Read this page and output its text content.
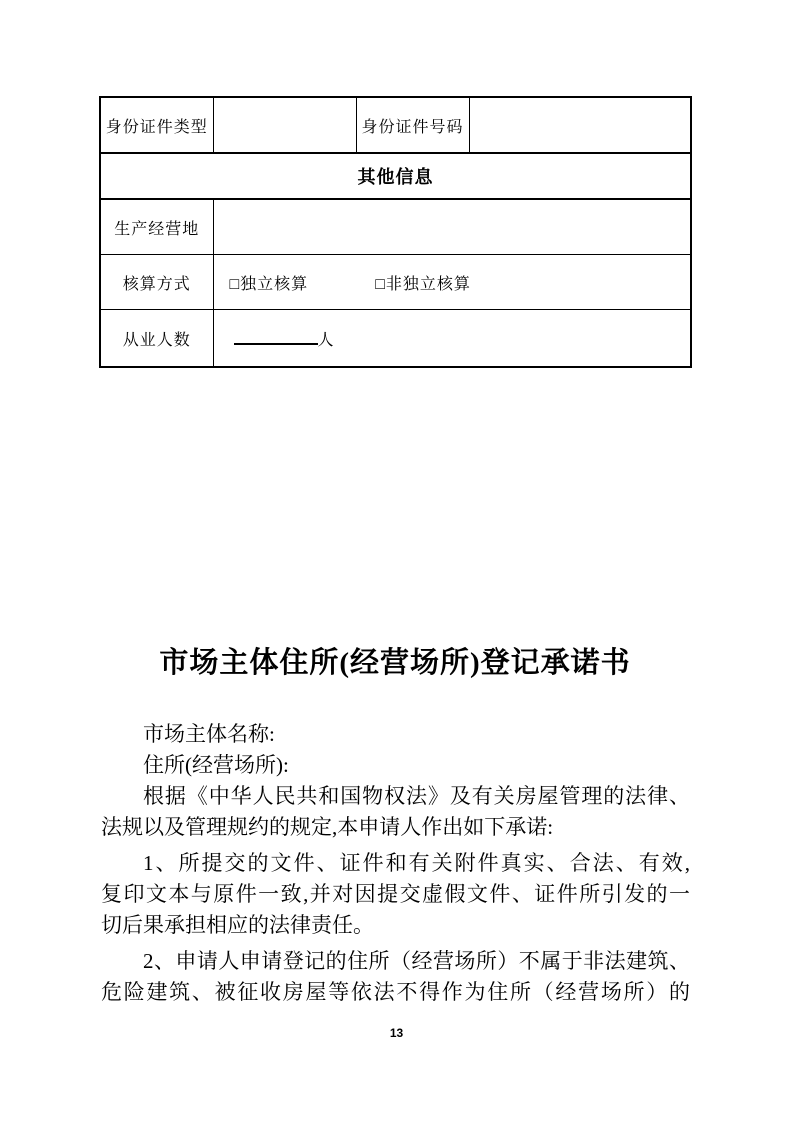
身份证件类型		身份证件号码	
其他信息			
生产经营地			
核算方式	□独立核算 □非独立核算		
从业人数	人		
市场主体住所(经营场所)登记承诺书
市场主体名称:
住所(经营场所):
根据《中华人民共和国物权法》及有关房屋管理的法律、
法规以及管理规约的规定,本申请人作出如下承诺:
1、所提交的文件、证件和有关附件真实、合法、有效,
复印文本与原件一致,并对因提交虚假文件、证件所引发的一
切后果承担相应的法律责任。
2、申请人申请登记的住所（经营场所）不属于非法建筑、
危险建筑、被征收房屋等依法不得作为住所（经营场所）的
13
